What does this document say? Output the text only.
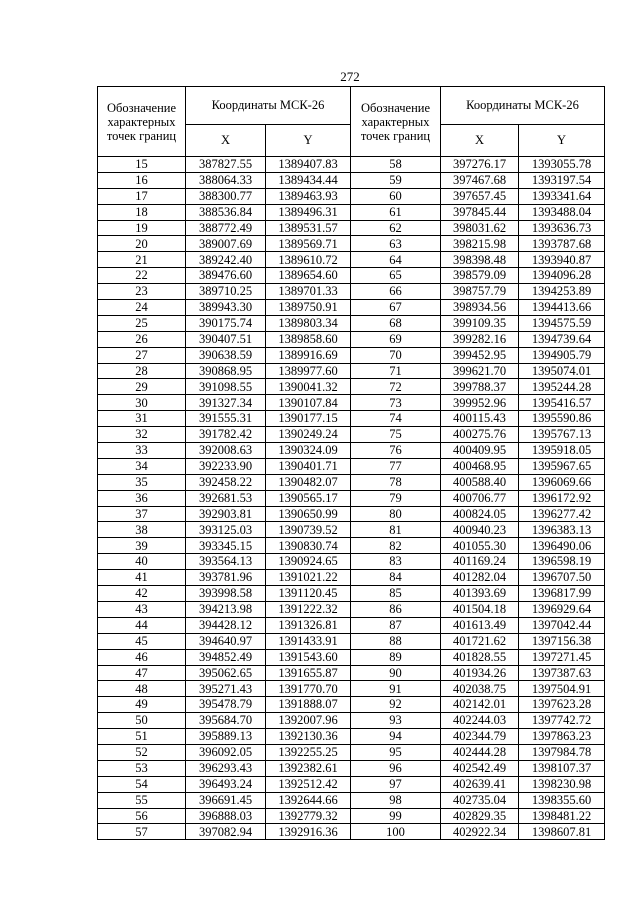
272
Обозначение характерных точек границ	Координаты МСК-26	
	X	Y
15	387827.55	1389407.83
16	388064.33	1389434.44
17	388300.77	1389463.93
18	388536.84	1389496.31
19	388772.49	1389531.57
20	389007.69	1389569.71
21	389242.40	1389610.72
22	389476.60	1389654.60
23	389710.25	1389701.33
24	389943.30	1389750.91
25	390175.74	1389803.34
26	390407.51	1389858.60
27	390638.59	1389916.69
28	390868.95	1389977.60
29	391098.55	1390041.32
30	391327.34	1390107.84
31	391555.31	1390177.15
32	391782.42	1390249.24
33	392008.63	1390324.09
34	392233.90	1390401.71
35	392458.22	1390482.07
36	392681.53	1390565.17
37	392903.81	1390650.99
38	393125.03	1390739.52
39	393345.15	1390830.74
40	393564.13	1390924.65
41	393781.96	1391021.22
42	393998.58	1391120.45
43	394213.98	1391222.32
44	394428.12	1391326.81
45	394640.97	1391433.91
46	394852.49	1391543.60
47	395062.65	1391655.87
48	395271.43	1391770.70
49	395478.79	1391888.07
50	395684.70	1392007.96
51	395889.13	1392130.36
52	396092.05	1392255.25
53	396293.43	1392382.61
54	396493.24	1392512.42
55	396691.45	1392644.66
56	396888.03	1392779.32
57	397082.94	1392916.36
Обозначение характерных точек границ	Координаты МСК-26	
	X	Y
58	397276.17	1393055.78
59	397467.68	1393197.54
60	397657.45	1393341.64
61	397845.44	1393488.04
62	398031.62	1393636.73
63	398215.98	1393787.68
64	398398.48	1393940.87
65	398579.09	1394096.28
66	398757.79	1394253.89
67	398934.56	1394413.66
68	399109.35	1394575.59
69	399282.16	1394739.64
70	399452.95	1394905.79
71	399621.70	1395074.01
72	399788.37	1395244.28
73	399952.96	1395416.57
74	400115.43	1395590.86
75	400275.76	1395767.13
76	400409.95	1395918.05
77	400468.95	1395967.65
78	400588.40	1396069.66
79	400706.77	1396172.92
80	400824.05	1396277.42
81	400940.23	1396383.13
82	401055.30	1396490.06
83	401169.24	1396598.19
84	401282.04	1396707.50
85	401393.69	1396817.99
86	401504.18	1396929.64
87	401613.49	1397042.44
88	401721.62	1397156.38
89	401828.55	1397271.45
90	401934.26	1397387.63
91	402038.75	1397504.91
92	402142.01	1397623.28
93	402244.03	1397742.72
94	402344.79	1397863.23
95	402444.28	1397984.78
96	402542.49	1398107.37
97	402639.41	1398230.98
98	402735.04	1398355.60
99	402829.35	1398481.22
100	402922.34	1398607.81
